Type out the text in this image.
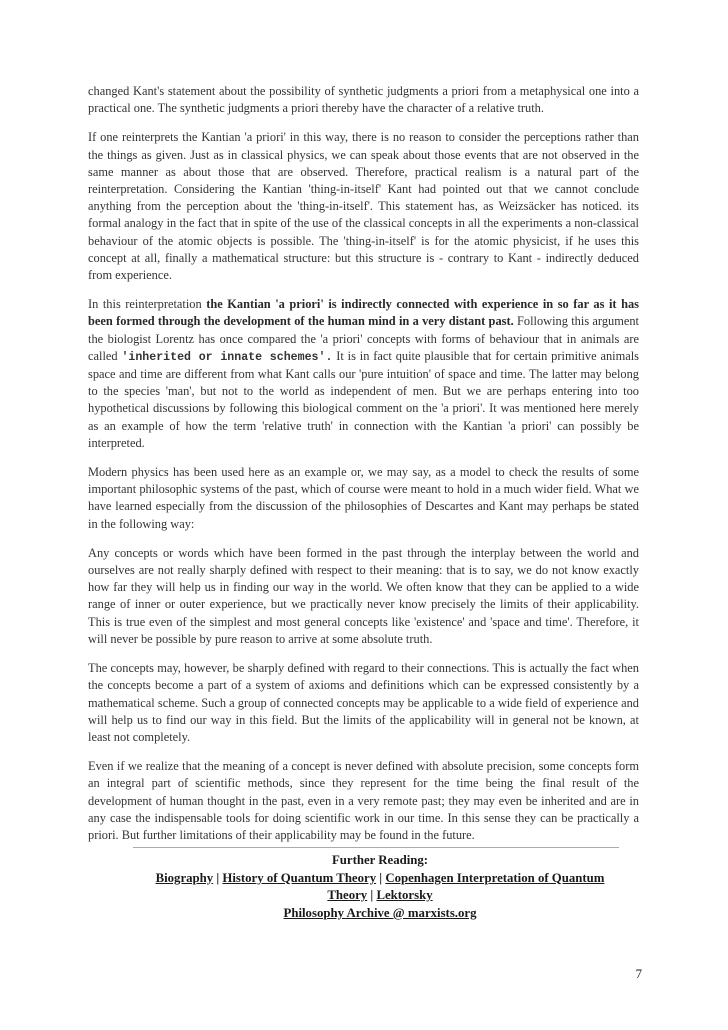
changed Kant's statement about the possibility of synthetic judgments a priori from a metaphysical one into a practical one. The synthetic judgments a priori thereby have the character of a relative truth.

If one reinterprets the Kantian 'a priori' in this way, there is no reason to consider the perceptions rather than the things as given. Just as in classical physics, we can speak about those events that are not observed in the same manner as about those that are observed. Therefore, practical realism is a natural part of the reinterpretation. Considering the Kantian 'thing-in-itself' Kant had pointed out that we cannot conclude anything from the perception about the 'thing-in-itself'. This statement has, as Weizsäcker has noticed. its formal analogy in the fact that in spite of the use of the classical concepts in all the experiments a non-classical behaviour of the atomic objects is possible. The 'thing-in-itself' is for the atomic physicist, if he uses this concept at all, finally a mathematical structure: but this structure is - contrary to Kant - indirectly deduced from experience.

In this reinterpretation the Kantian 'a priori' is indirectly connected with experience in so far as it has been formed through the development of the human mind in a very distant past. Following this argument the biologist Lorentz has once compared the 'a priori' concepts with forms of behaviour that in animals are called 'inherited or innate schemes'. It is in fact quite plausible that for certain primitive animals space and time are different from what Kant calls our 'pure intuition' of space and time. The latter may belong to the species 'man', but not to the world as independent of men. But we are perhaps entering into too hypothetical discussions by following this biological comment on the 'a priori'. It was mentioned here merely as an example of how the term 'relative truth' in connection with the Kantian 'a priori' can possibly be interpreted.

Modern physics has been used here as an example or, we may say, as a model to check the results of some important philosophic systems of the past, which of course were meant to hold in a much wider field. What we have learned especially from the discussion of the philosophies of Descartes and Kant may perhaps be stated in the following way:

Any concepts or words which have been formed in the past through the interplay between the world and ourselves are not really sharply defined with respect to their meaning: that is to say, we do not know exactly how far they will help us in finding our way in the world. We often know that they can be applied to a wide range of inner or outer experience, but we practically never know precisely the limits of their applicability. This is true even of the simplest and most general concepts like 'existence' and 'space and time'. Therefore, it will never be possible by pure reason to arrive at some absolute truth.

The concepts may, however, be sharply defined with regard to their connections. This is actually the fact when the concepts become a part of a system of axioms and definitions which can be expressed consistently by a mathematical scheme. Such a group of connected concepts may be applicable to a wide field of experience and will help us to find our way in this field. But the limits of the applicability will in general not be known, at least not completely.

Even if we realize that the meaning of a concept is never defined with absolute precision, some concepts form an integral part of scientific methods, since they represent for the time being the final result of the development of human thought in the past, even in a very remote past; they may even be inherited and are in any case the indispensable tools for doing scientific work in our time. In this sense they can be practically a priori. But further limitations of their applicability may be found in the future.

Further Reading:
Biography | History of Quantum Theory | Copenhagen Interpretation of Quantum Theory | Lektorsky
Philosophy Archive @ marxists.org
7
